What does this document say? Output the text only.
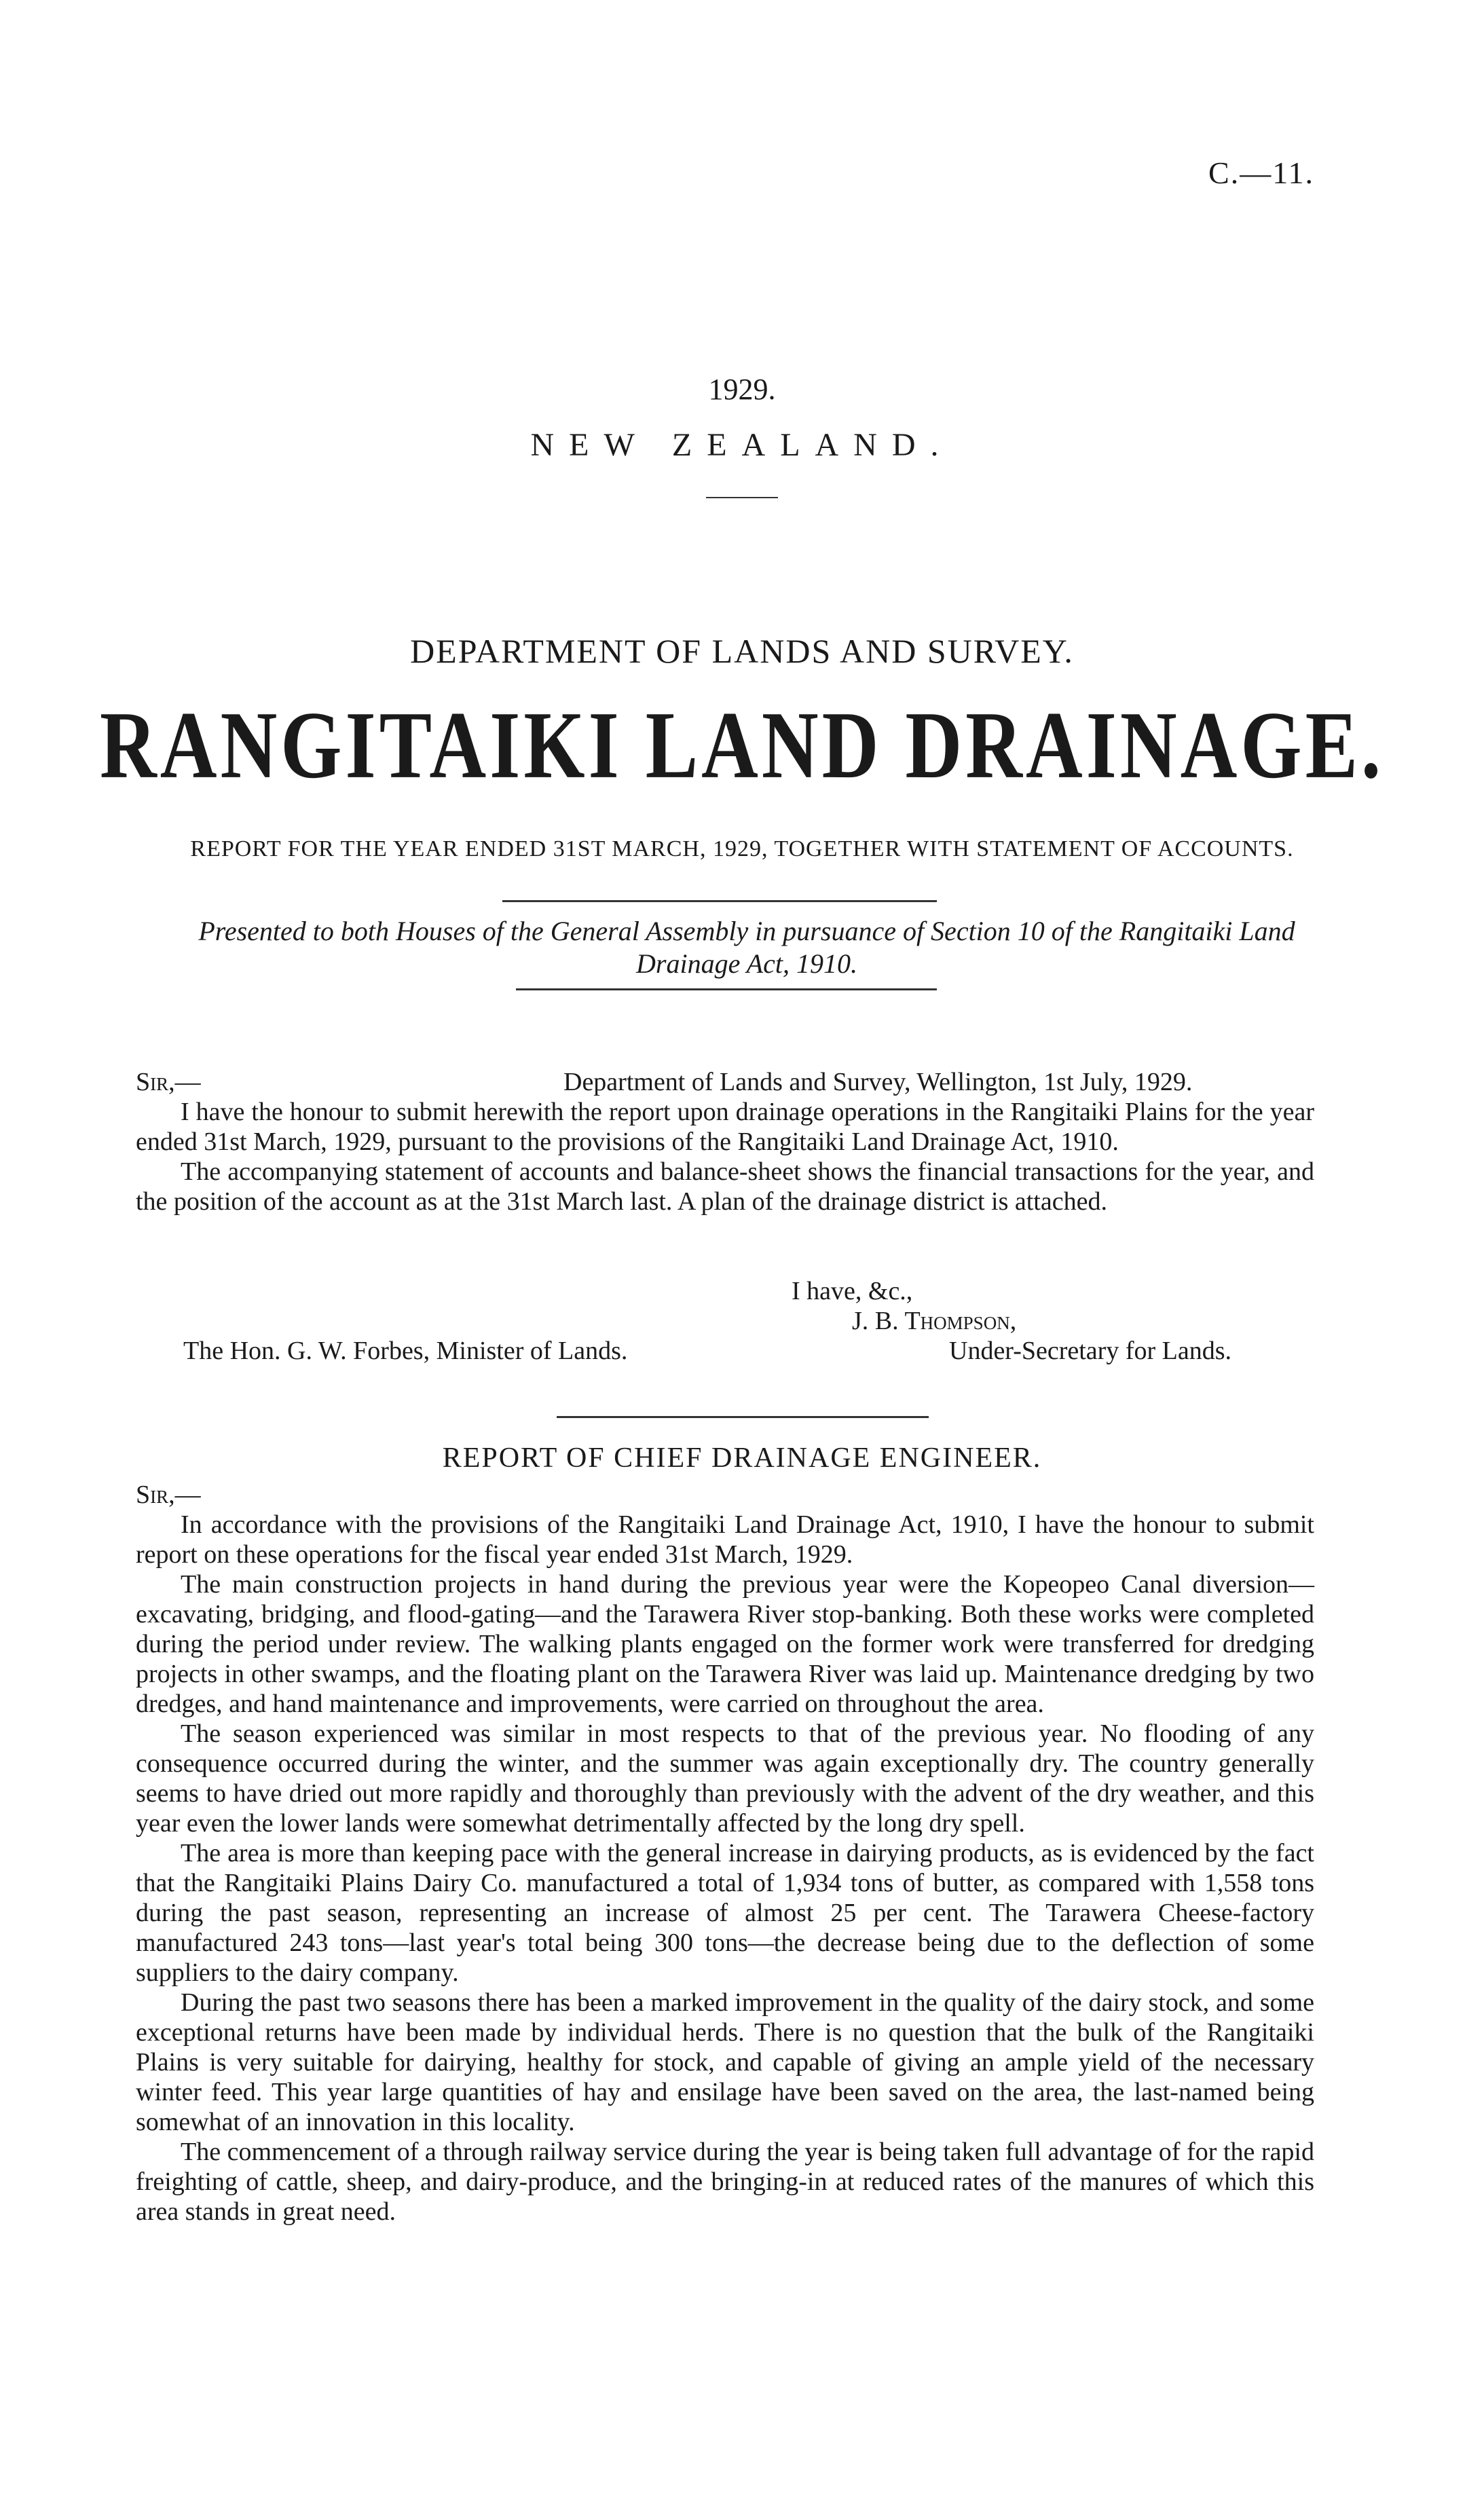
C.—11.
1929.
NEW ZEALAND.
DEPARTMENT OF LANDS AND SURVEY.
RANGITAIKI LAND DRAINAGE.
REPORT FOR THE YEAR ENDED 31ST MARCH, 1929, TOGETHER WITH STATEMENT OF ACCOUNTS.
Presented to both Houses of the General Assembly in pursuance of Section 10 of the Rangitaiki Land Drainage Act, 1910.
Sir,—	Department of Lands and Survey, Wellington, 1st July, 1929.

I have the honour to submit herewith the report upon drainage operations in the Rangitaiki Plains for the year ended 31st March, 1929, pursuant to the provisions of the Rangitaiki Land Drainage Act, 1910.

The accompanying statement of accounts and balance-sheet shows the financial transactions for the year, and the position of the account as at the 31st March last. A plan of the drainage district is attached.

I have, &c.,
J. B. Thompson,
The Hon. G. W. Forbes, Minister of Lands.	Under-Secretary for Lands.
REPORT OF CHIEF DRAINAGE ENGINEER.
Sir,—

In accordance with the provisions of the Rangitaiki Land Drainage Act, 1910, I have the honour to submit report on these operations for the fiscal year ended 31st March, 1929.

The main construction projects in hand during the previous year were the Kopeopeo Canal diversion—excavating, bridging, and flood-gating—and the Tarawera River stop-banking. Both these works were completed during the period under review. The walking plants engaged on the former work were transferred for dredging projects in other swamps, and the floating plant on the Tarawera River was laid up. Maintenance dredging by two dredges, and hand maintenance and improvements, were carried on throughout the area.

The season experienced was similar in most respects to that of the previous year. No flooding of any consequence occurred during the winter, and the summer was again exceptionally dry. The country generally seems to have dried out more rapidly and thoroughly than previously with the advent of the dry weather, and this year even the lower lands were somewhat detrimentally affected by the long dry spell.

The area is more than keeping pace with the general increase in dairying products, as is evidenced by the fact that the Rangitaiki Plains Dairy Co. manufactured a total of 1,934 tons of butter, as compared with 1,558 tons during the past season, representing an increase of almost 25 per cent. The Tarawera Cheese-factory manufactured 243 tons—last year's total being 300 tons—the decrease being due to the deflection of some suppliers to the dairy company.

During the past two seasons there has been a marked improvement in the quality of the dairy stock, and some exceptional returns have been made by individual herds. There is no question that the bulk of the Rangitaiki Plains is very suitable for dairying, healthy for stock, and capable of giving an ample yield of the necessary winter feed. This year large quantities of hay and ensilage have been saved on the area, the last-named being somewhat of an innovation in this locality.

The commencement of a through railway service during the year is being taken full advantage of for the rapid freighting of cattle, sheep, and dairy-produce, and the bringing-in at reduced rates of the manures of which this area stands in great need.
